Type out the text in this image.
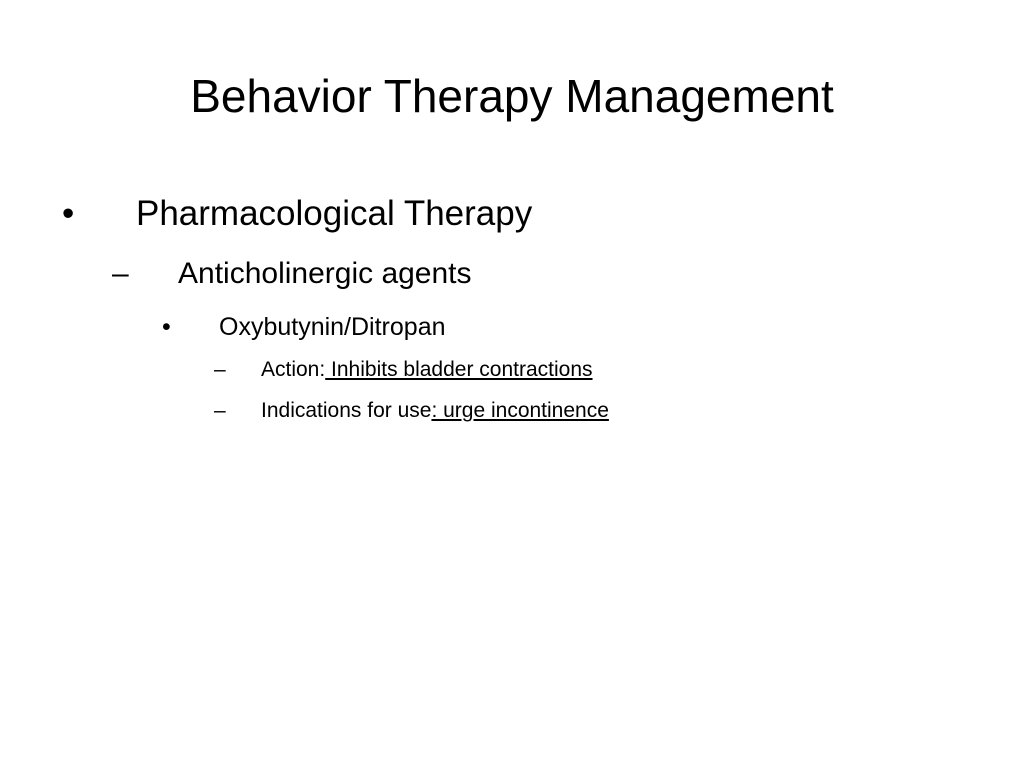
Behavior Therapy Management
• Pharmacological Therapy
– Anticholinergic agents
• Oxybutynin/Ditropan
– Action: Inhibits bladder contractions
– Indications for use: urge incontinence
